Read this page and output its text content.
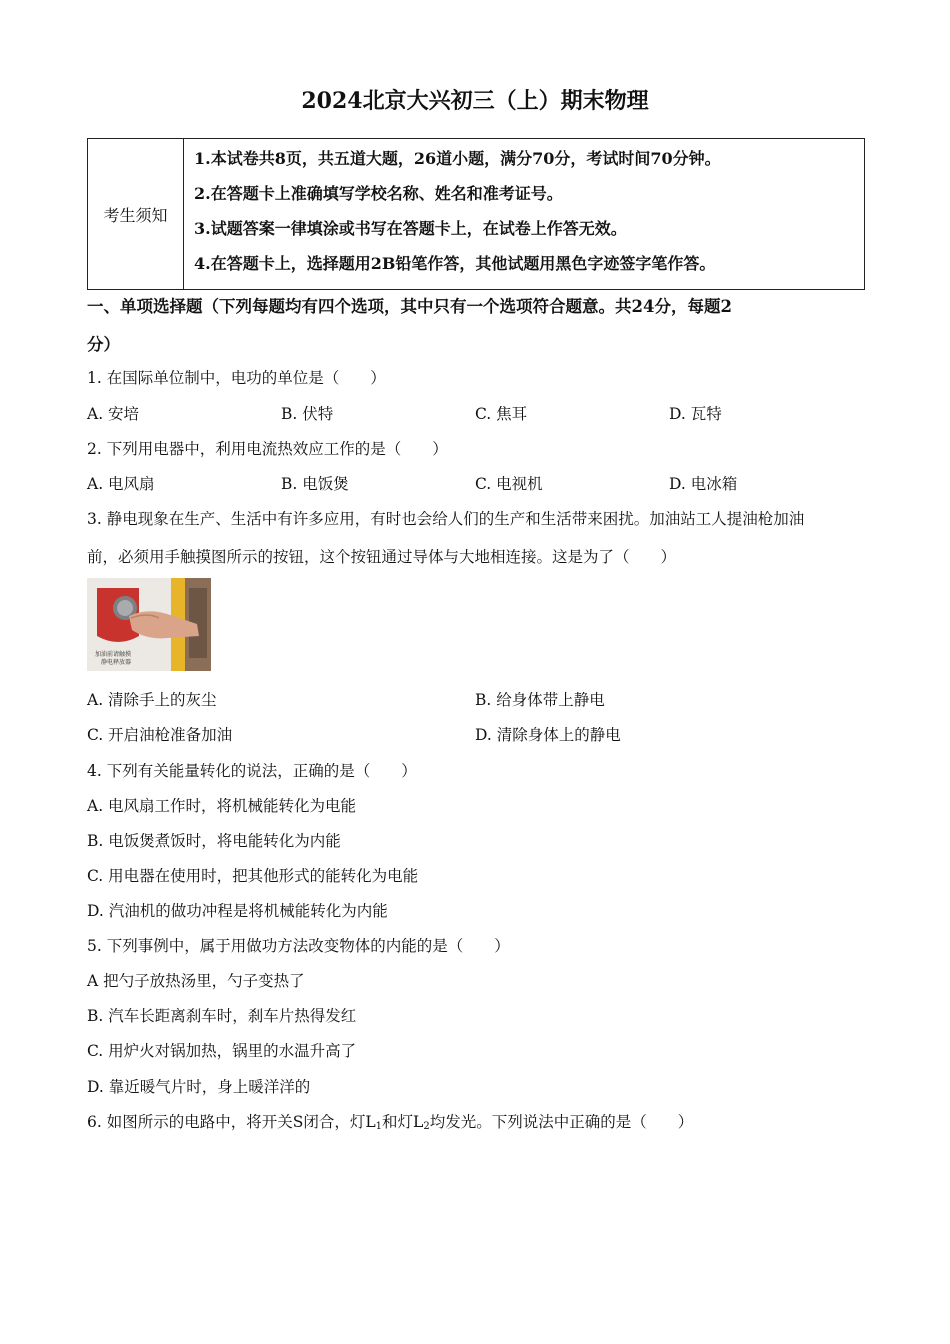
2024北京大兴初三（上）期末物理
考生须知	
1.本试卷共8页，共五道大题，26道小题，满分70分，考试时间70分钟。
2.在答题卡上准确填写学校名称、姓名和准考证号。
3.试题答案一律填涂或书写在答题卡上，在试卷上作答无效。
4.在答题卡上，选择题用2B铅笔作答，其他试题用黑色字迹签字笔作答。
一、单项选择题（下列每题均有四个选项，其中只有一个选项符合题意。共24分，每题2
分）
1. 在国际单位制中，电功的单位是（　　）
A. 安培	B. 伏特	C. 焦耳	D. 瓦特
2. 下列用电器中，利用电流热效应工作的是（　　）
A. 电风扇	B. 电饭煲	C. 电视机	D. 电冰箱
3. 静电现象在生产、生活中有许多应用，有时也会给人们的生产和生活带来困扰。加油站工人提油枪加油
前，必须用手触摸图所示的按钮，这个按钮通过导体与大地相连接。这是为了（　　）
加油前请触摸
静电释放器
A. 清除手上的灰尘	B. 给身体带上静电
C. 开启油枪准备加油	D. 清除身体上的静电
4. 下列有关能量转化的说法，正确的是（　　）
A. 电风扇工作时，将机械能转化为电能
B. 电饭煲煮饭时，将电能转化为内能
C. 用电器在使用时，把其他形式的能转化为电能
D. 汽油机的做功冲程是将机械能转化为内能
5. 下列事例中，属于用做功方法改变物体的内能的是（　　）
A 把勺子放热汤里，勺子变热了
B. 汽车长距离刹车时，刹车片热得发红
C. 用炉火对锅加热，锅里的水温升高了
D. 靠近暖气片时，身上暖洋洋的
6. 如图所示的电路中，将开关S闭合，灯$L_1$和灯$L_2$均发光。下列说法中正确的是（　　）
